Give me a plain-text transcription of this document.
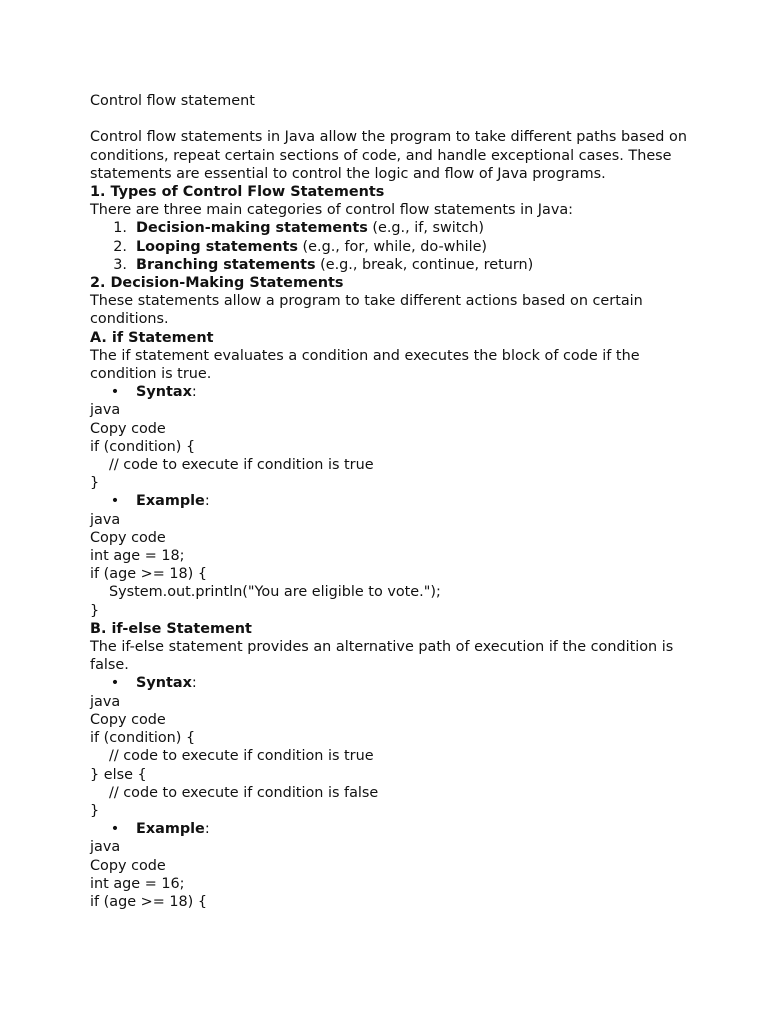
Control flow statement
Control flow statements in Java allow the program to take different paths based on conditions, repeat certain sections of code, and handle exceptional cases. These statements are essential to control the logic and flow of Java programs.
1. Types of Control Flow Statements
There are three main categories of control flow statements in Java:
1. Decision-making statements (e.g., if, switch)
2. Looping statements (e.g., for, while, do-while)
3. Branching statements (e.g., break, continue, return)
2. Decision-Making Statements
These statements allow a program to take different actions based on certain conditions.
A. if Statement
The if statement evaluates a condition and executes the block of code if the condition is true.
• Syntax:
java
Copy code
if (condition) {
// code to execute if condition is true
}
• Example:
java
Copy code
int age = 18;
if (age >= 18) {
System.out.println("You are eligible to vote.");
}
B. if-else Statement
The if-else statement provides an alternative path of execution if the condition is false.
• Syntax:
java
Copy code
if (condition) {
// code to execute if condition is true
} else {
// code to execute if condition is false
}
• Example:
java
Copy code
int age = 16;
if (age >= 18) {
